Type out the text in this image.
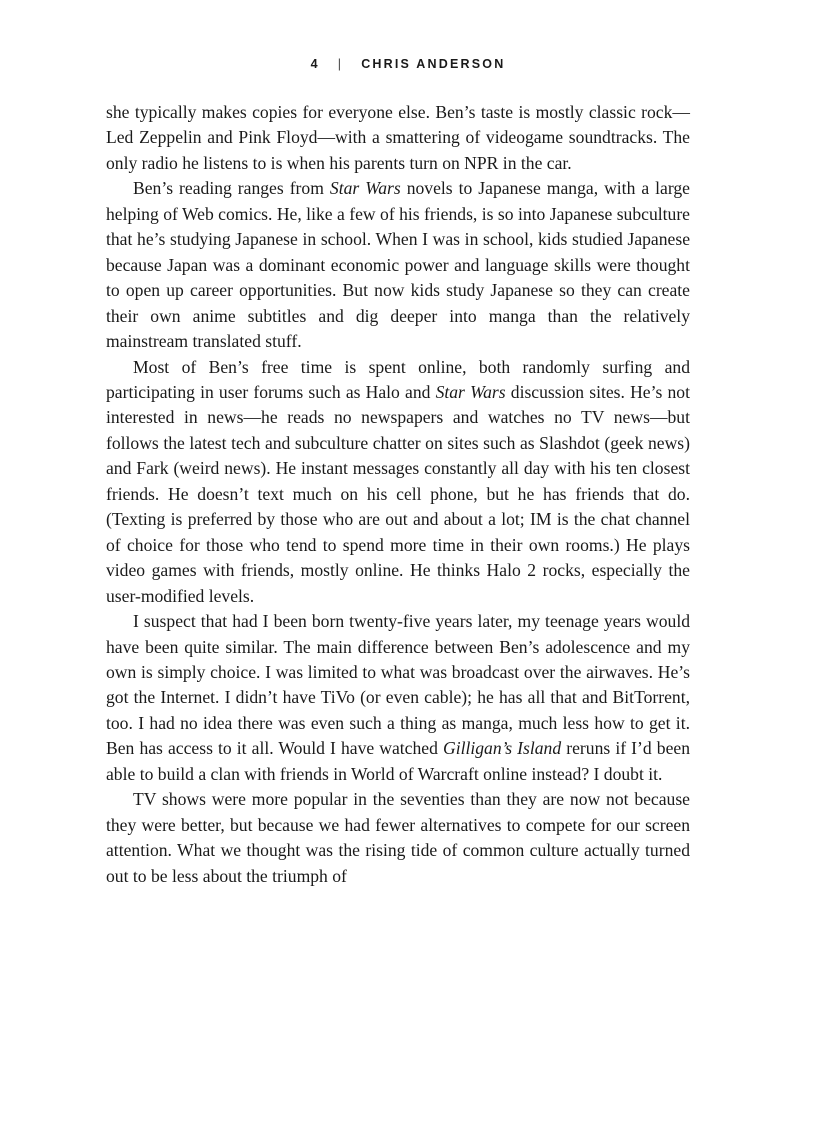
4 | CHRIS ANDERSON

she typically makes copies for everyone else. Ben’s taste is mostly classic rock—Led Zeppelin and Pink Floyd—with a smattering of videogame soundtracks. The only radio he listens to is when his parents turn on NPR in the car.

Ben’s reading ranges from Star Wars novels to Japanese manga, with a large helping of Web comics. He, like a few of his friends, is so into Japanese subculture that he’s studying Japanese in school. When I was in school, kids studied Japanese because Japan was a dominant economic power and language skills were thought to open up career opportunities. But now kids study Japanese so they can create their own anime subtitles and dig deeper into manga than the relatively mainstream translated stuff.

Most of Ben’s free time is spent online, both randomly surfing and participating in user forums such as Halo and Star Wars discussion sites. He’s not interested in news—he reads no newspapers and watches no TV news—but follows the latest tech and subculture chatter on sites such as Slashdot (geek news) and Fark (weird news). He instant messages constantly all day with his ten closest friends. He doesn’t text much on his cell phone, but he has friends that do. (Texting is preferred by those who are out and about a lot; IM is the chat channel of choice for those who tend to spend more time in their own rooms.) He plays video games with friends, mostly online. He thinks Halo 2 rocks, especially the user-modified levels.

I suspect that had I been born twenty-five years later, my teenage years would have been quite similar. The main difference between Ben’s adolescence and my own is simply choice. I was limited to what was broadcast over the airwaves. He’s got the Internet. I didn’t have TiVo (or even cable); he has all that and BitTorrent, too. I had no idea there was even such a thing as manga, much less how to get it. Ben has access to it all. Would I have watched Gilligan’s Island reruns if I’d been able to build a clan with friends in World of Warcraft online instead? I doubt it.

TV shows were more popular in the seventies than they are now not because they were better, but because we had fewer alternatives to compete for our screen attention. What we thought was the rising tide of common culture actually turned out to be less about the triumph of
